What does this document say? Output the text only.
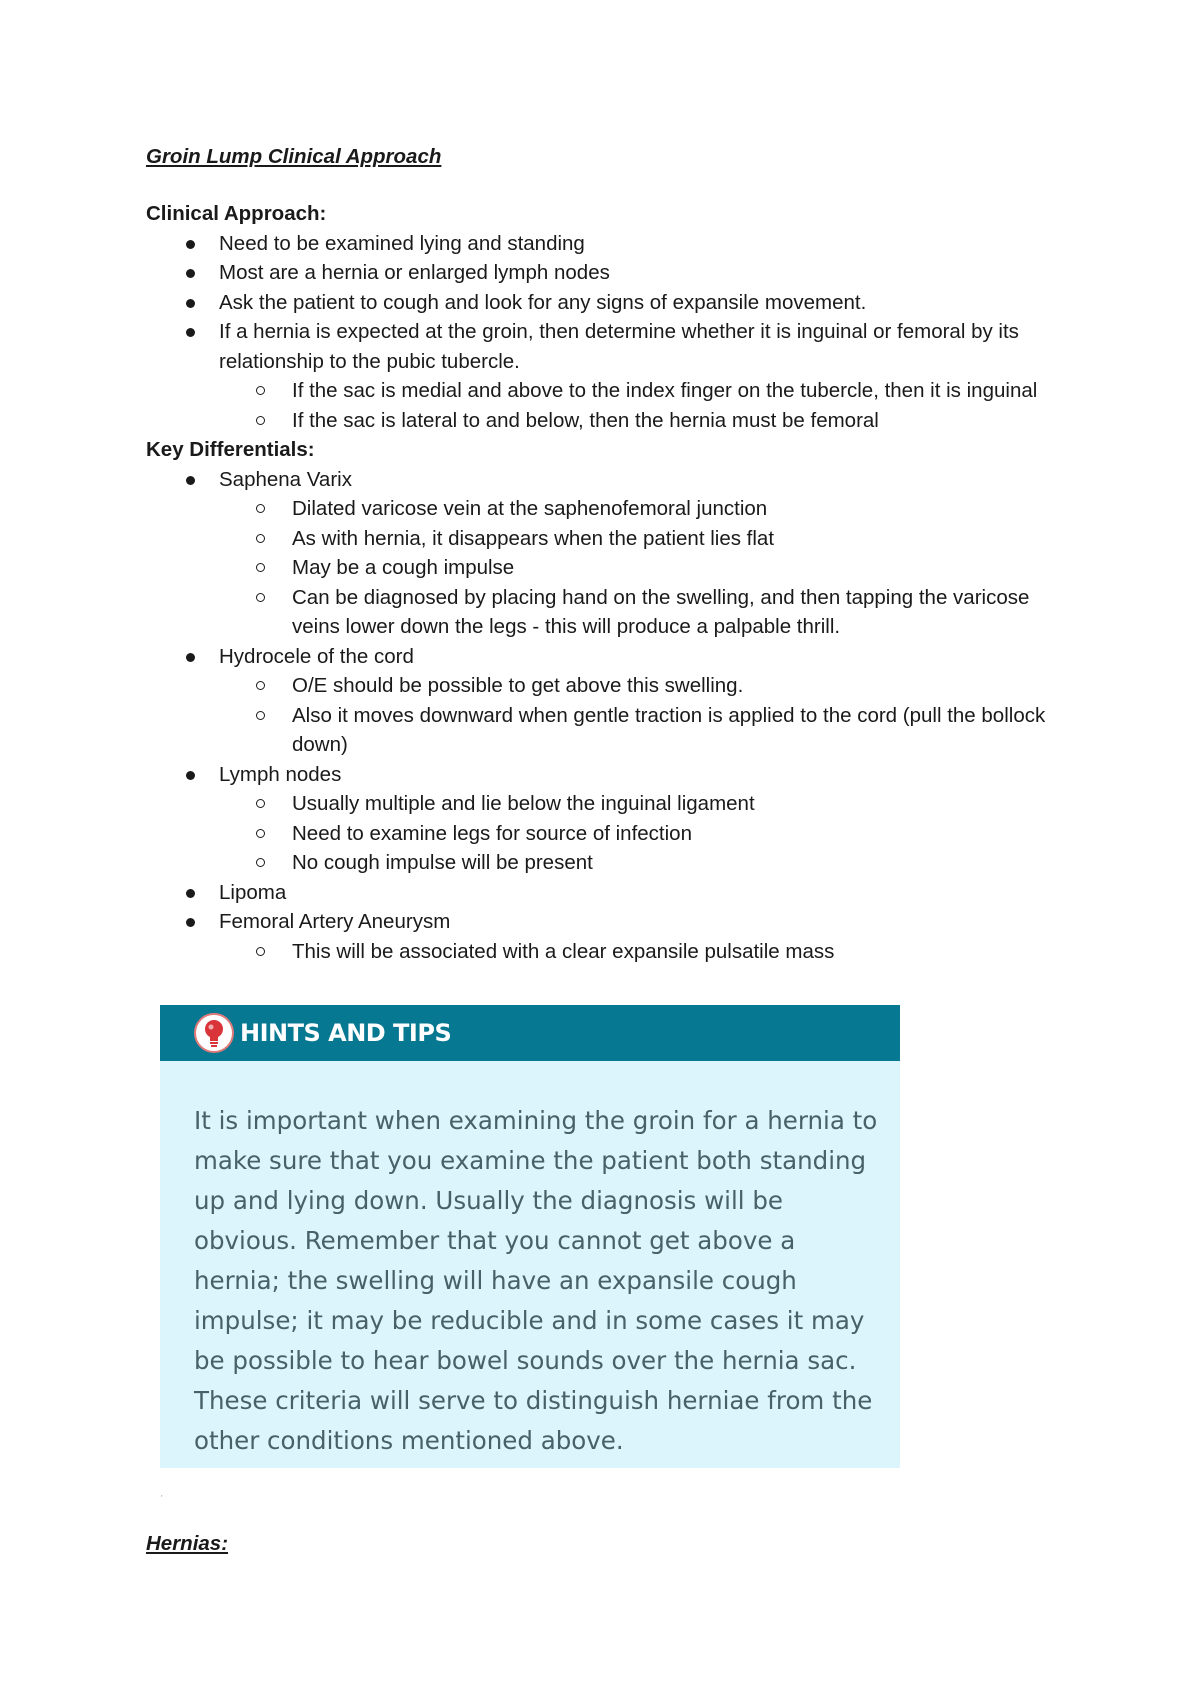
Groin Lump Clinical Approach

Clinical Approach:

Need to be examined lying and standing
Most are a hernia or enlarged lymph nodes
Ask the patient to cough and look for any signs of expansile movement.
If a hernia is expected at the groin, then determine whether it is inguinal or femoral by its relationship to the pubic tubercle.
If the sac is medial and above to the index finger on the tubercle, then it is inguinal
If the sac is lateral to and below, then the hernia must be femoral

Key Differentials:

Saphena Varix
Dilated varicose vein at the saphenofemoral junction
As with hernia, it disappears when the patient lies flat
May be a cough impulse
Can be diagnosed by placing hand on the swelling, and then tapping the varicose veins lower down the legs - this will produce a palpable thrill.
Hydrocele of the cord
O/E should be possible to get above this swelling.
Also it moves downward when gentle traction is applied to the cord (pull the bollock down)
Lymph nodes
Usually multiple and lie below the inguinal ligament
Need to examine legs for source of infection
No cough impulse will be present
Lipoma
Femoral Artery Aneurysm
This will be associated with a clear expansile pulsatile mass
HINTS AND TIPS
It is important when examining the groin for a hernia to make sure that you examine the patient both standing up and lying down. Usually the diagnosis will be obvious. Remember that you cannot get above a hernia; the swelling will have an expansile cough impulse; it may be reducible and in some cases it may be possible to hear bowel sounds over the hernia sac. These criteria will serve to distinguish herniae from the other conditions mentioned above.
'
Hernias:
